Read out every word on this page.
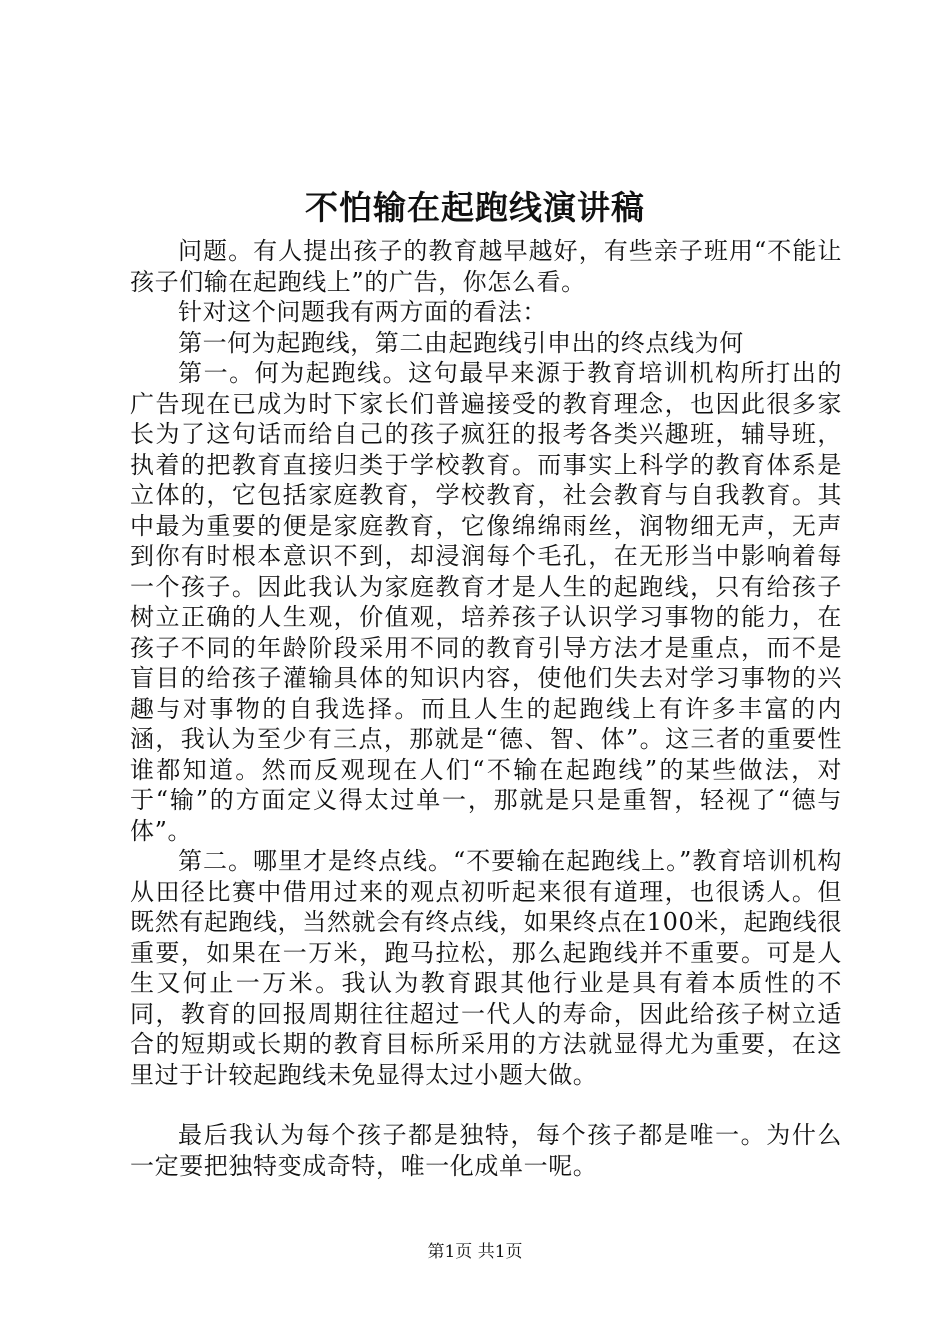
不怕输在起跑线演讲稿

问题。有人提出孩子的教育越早越好，有些亲子班用“不能让孩子们输在起跑线上”的广告，你怎么看。

针对这个问题我有两方面的看法：

第一何为起跑线，第二由起跑线引申出的终点线为何

第一。何为起跑线。这句最早来源于教育培训机构所打出的广告现在已成为时下家长们普遍接受的教育理念，也因此很多家长为了这句话而给自己的孩子疯狂的报考各类兴趣班，辅导班，执着的把教育直接归类于学校教育。而事实上科学的教育体系是立体的，它包括家庭教育，学校教育，社会教育与自我教育。其中最为重要的便是家庭教育，它像绵绵雨丝，润物细无声，无声到你有时根本意识不到，却浸润每个毛孔，在无形当中影响着每一个孩子。因此我认为家庭教育才是人生的起跑线，只有给孩子树立正确的人生观，价值观，培养孩子认识学习事物的能力，在孩子不同的年龄阶段采用不同的教育引导方法才是重点，而不是盲目的给孩子灌输具体的知识内容，使他们失去对学习事物的兴趣与对事物的自我选择。而且人生的起跑线上有许多丰富的内涵，我认为至少有三点，那就是“德、智、体”。这三者的重要性谁都知道。然而反观现在人们“不输在起跑线”的某些做法，对于“输”的方面定义得太过单一，那就是只是重智，轻视了“德与体”。

第二。哪里才是终点线。“不要输在起跑线上。”教育培训机构从田径比赛中借用过来的观点初听起来很有道理，也很诱人。但既然有起跑线，当然就会有终点线，如果终点在100米，起跑线很重要，如果在一万米，跑马拉松，那么起跑线并不重要。可是人生又何止一万米。我认为教育跟其他行业是具有着本质性的不同，教育的回报周期往往超过一代人的寿命，因此给孩子树立适合的短期或长期的教育目标所采用的方法就显得尤为重要，在这里过于计较起跑线未免显得太过小题大做。

最后我认为每个孩子都是独特，每个孩子都是唯一。为什么一定要把独特变成奇特，唯一化成单一呢。

第1页 共1页
